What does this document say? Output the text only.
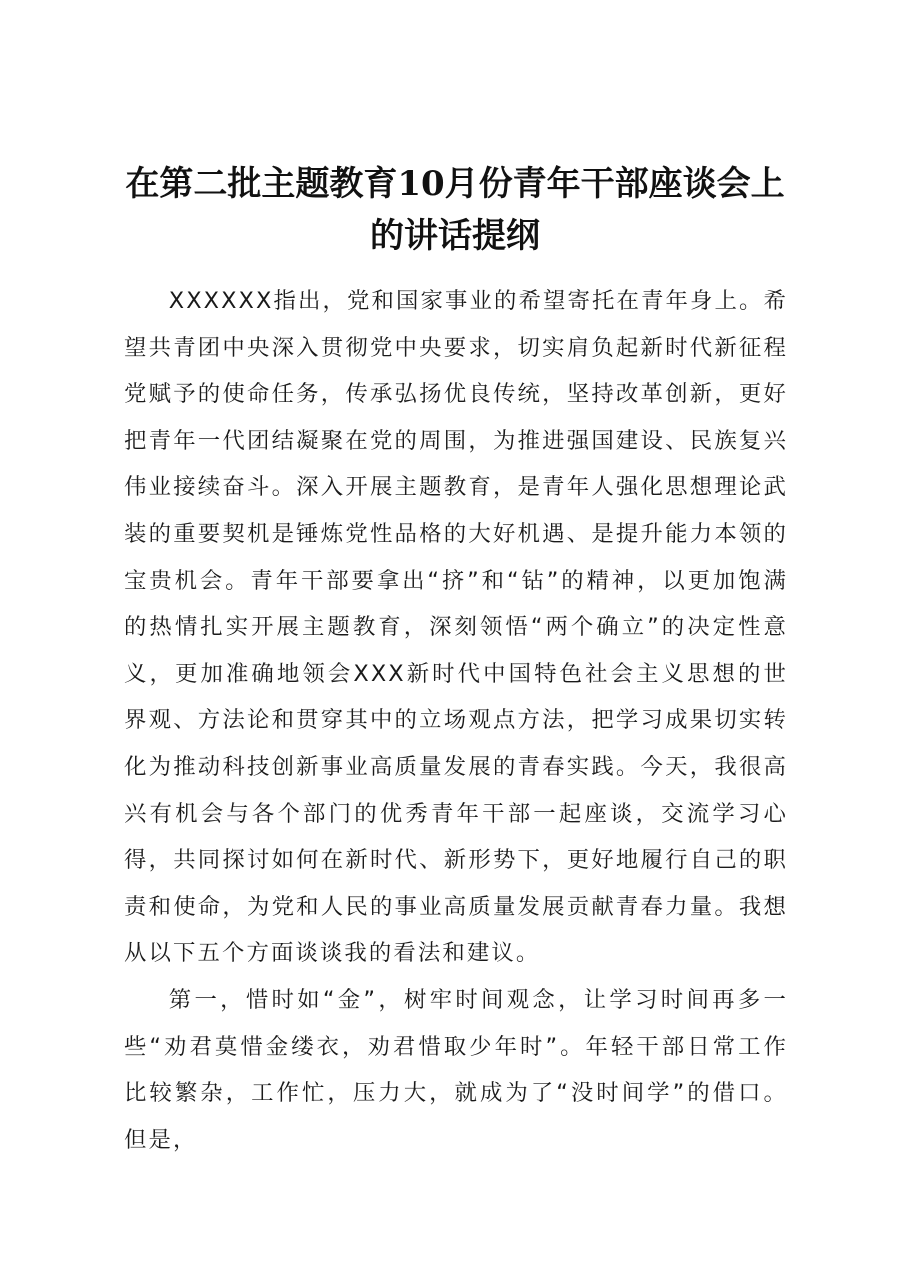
在第二批主题教育10月份青年干部座谈会上的讲话提纲

XXXXXX指出，党和国家事业的希望寄托在青年身上。希望共青团中央深入贯彻党中央要求，切实肩负起新时代新征程党赋予的使命任务，传承弘扬优良传统，坚持改革创新，更好把青年一代团结凝聚在党的周围，为推进强国建设、民族复兴伟业接续奋斗。深入开展主题教育，是青年人强化思想理论武装的重要契机是锤炼党性品格的大好机遇、是提升能力本领的宝贵机会。青年干部要拿出“挤”和“钻”的精神，以更加饱满的热情扎实开展主题教育，深刻领悟“两个确立”的决定性意义，更加准确地领会XXX新时代中国特色社会主义思想的世界观、方法论和贯穿其中的立场观点方法，把学习成果切实转化为推动科技创新事业高质量发展的青春实践。今天，我很高兴有机会与各个部门的优秀青年干部一起座谈，交流学习心得，共同探讨如何在新时代、新形势下，更好地履行自己的职责和使命，为党和人民的事业高质量发展贡献青春力量。我想从以下五个方面谈谈我的看法和建议。

第一，惜时如“金”，树牢时间观念，让学习时间再多一些“劝君莫惜金缕衣，劝君惜取少年时”。年轻干部日常工作比较繁杂，工作忙，压力大，就成为了“没时间学”的借口。但是，
